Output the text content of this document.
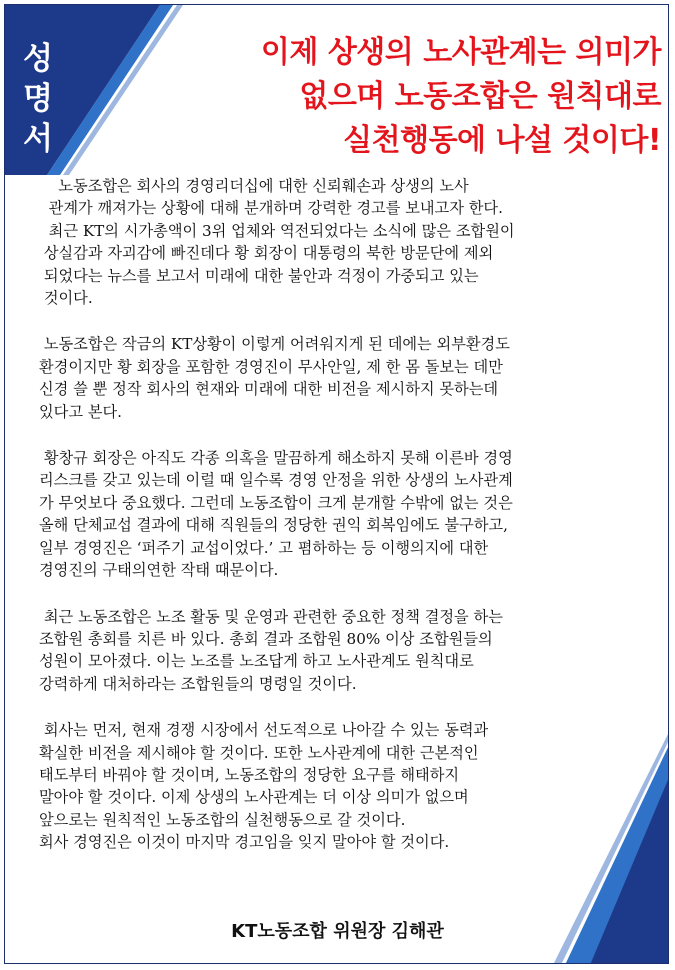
성
명
서
이제 상생의 노사관계는 의미가
없으며 노동조합은 원칙대로
실천행동에 나설 것이다!
노동조합은 회사의 경영리더십에 대한 신뢰훼손과 상생의 노사
관계가 깨져가는 상황에 대해 분개하며 강력한 경고를 보내고자 한다.
최근 KT의 시가총액이 3위 업체와 역전되었다는 소식에 많은 조합원이
상실감과 자괴감에 빠진데다 황 회장이 대통령의 북한 방문단에 제외
되었다는 뉴스를 보고서 미래에 대한 불안과 걱정이 가중되고 있는
것이다.
노동조합은 작금의 KT상황이 이렇게 어려워지게 된 데에는 외부환경도
환경이지만 황 회장을 포함한 경영진이 무사안일, 제 한 몸 돌보는 데만
신경 쓸 뿐 정작 회사의 현재와 미래에 대한 비전을 제시하지 못하는데
있다고 본다.
황창규 회장은 아직도 각종 의혹을 말끔하게 해소하지 못해 이른바 경영
리스크를 갖고 있는데 이럴 때 일수록 경영 안정을 위한 상생의 노사관계
가 무엇보다 중요했다. 그런데 노동조합이 크게 분개할 수밖에 없는 것은
올해 단체교섭 결과에 대해 직원들의 정당한 권익 회복임에도 불구하고,
일부 경영진은 ‘퍼주기 교섭이었다.’ 고 폄하하는 등 이행의지에 대한
경영진의 구태의연한 작태 때문이다.
최근 노동조합은 노조 활동 및 운영과 관련한 중요한 정책 결정을 하는
조합원 총회를 치른 바 있다. 총회 결과 조합원 80% 이상 조합원들의
성원이 모아졌다. 이는 노조를 노조답게 하고 노사관계도 원칙대로
강력하게 대처하라는 조합원들의 명령일 것이다.
회사는 먼저, 현재 경쟁 시장에서 선도적으로 나아갈 수 있는 동력과
확실한 비전을 제시해야 할 것이다. 또한 노사관계에 대한 근본적인
태도부터 바꿔야 할 것이며, 노동조합의 정당한 요구를 해태하지
말아야 할 것이다. 이제 상생의 노사관계는 더 이상 의미가 없으며
앞으로는 원칙적인 노동조합의 실천행동으로 갈 것이다.
회사 경영진은 이것이 마지막 경고임을 잊지 말아야 할 것이다.
KT노동조합 위원장 김해관
